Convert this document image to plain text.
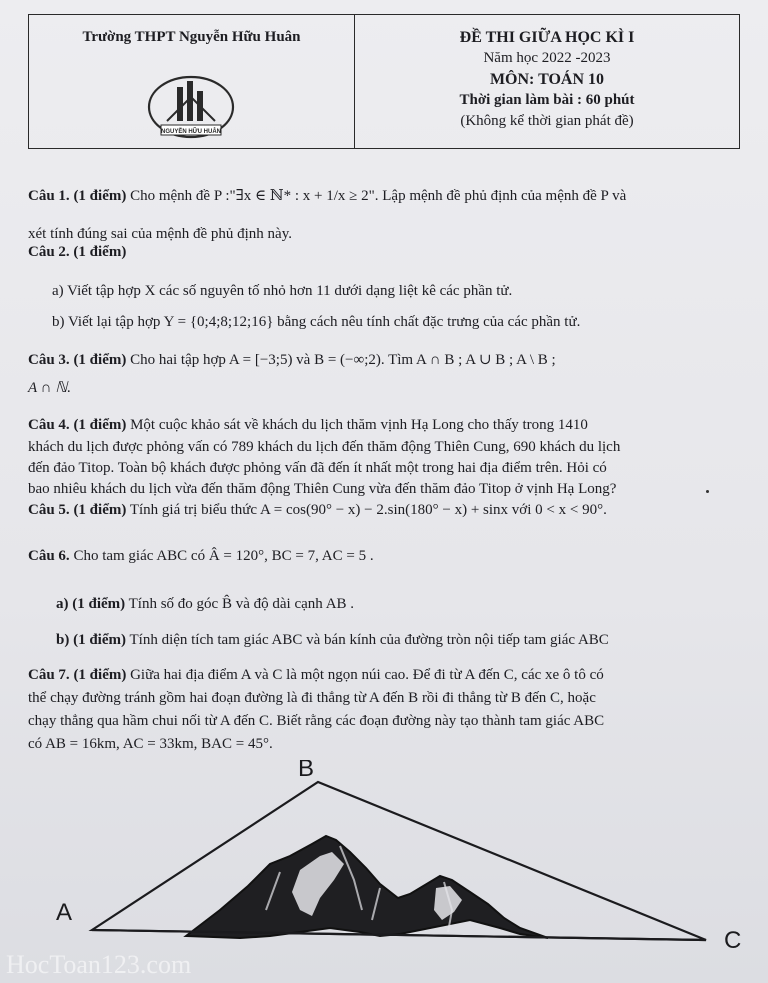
Trường THPT Nguyễn Hữu Huân
NGUYỄN HỮU HUÂN
ĐỀ THI GIỮA HỌC KÌ I
Năm học 2022 -2023
MÔN: TOÁN 10
Thời gian làm bài : 60 phút
(Không kể thời gian phát đề)
Câu 1. (1 điểm) Cho mệnh đề P :"∃x ∈ ℕ* : x + 1/x ≥ 2". Lập mệnh đề phủ định của mệnh đề P và
xét tính đúng sai của mệnh đề phủ định này.
Câu 2. (1 điểm)
a) Viết tập hợp X các số nguyên tố nhỏ hơn 11 dưới dạng liệt kê các phần tử.
b) Viết lại tập hợp Y = {0;4;8;12;16} bằng cách nêu tính chất đặc trưng của các phần tử.
Câu 3. (1 điểm) Cho hai tập hợp A = [−3;5) và B = (−∞;2). Tìm A ∩ B ; A ∪ B ; A \ B ;
A ∩ ℕ.
Câu 4. (1 điểm) Một cuộc khảo sát về khách du lịch thăm vịnh Hạ Long cho thấy trong 1410
khách du lịch được phỏng vấn có 789 khách du lịch đến thăm động Thiên Cung, 690 khách du lịch
đến đảo Titop. Toàn bộ khách được phỏng vấn đã đến ít nhất một trong hai địa điểm trên. Hỏi có
bao nhiêu khách du lịch vừa đến thăm động Thiên Cung vừa đến thăm đảo Titop ở vịnh Hạ Long?
Câu 5. (1 điểm) Tính giá trị biểu thức A = cos(90° − x) − 2.sin(180° − x) + sinx với 0 < x < 90°.
Câu 6. Cho tam giác ABC có Â = 120°, BC = 7, AC = 5 .
a) (1 điểm) Tính số đo góc B̂ và độ dài cạnh AB .
b) (1 điểm) Tính diện tích tam giác ABC và bán kính của đường tròn nội tiếp tam giác ABC
Câu 7. (1 điểm) Giữa hai địa điểm A và C là một ngọn núi cao. Để đi từ A đến C, các xe ô tô có
thể chạy đường tránh gồm hai đoạn đường là đi thẳng từ A đến B rồi đi thẳng từ B đến C, hoặc
chạy thẳng qua hầm chui nối từ A đến C. Biết rằng các đoạn đường này tạo thành tam giác ABC
có AB = 16km, AC = 33km, BAC = 45°.
B
A
C
HocToan123.com
